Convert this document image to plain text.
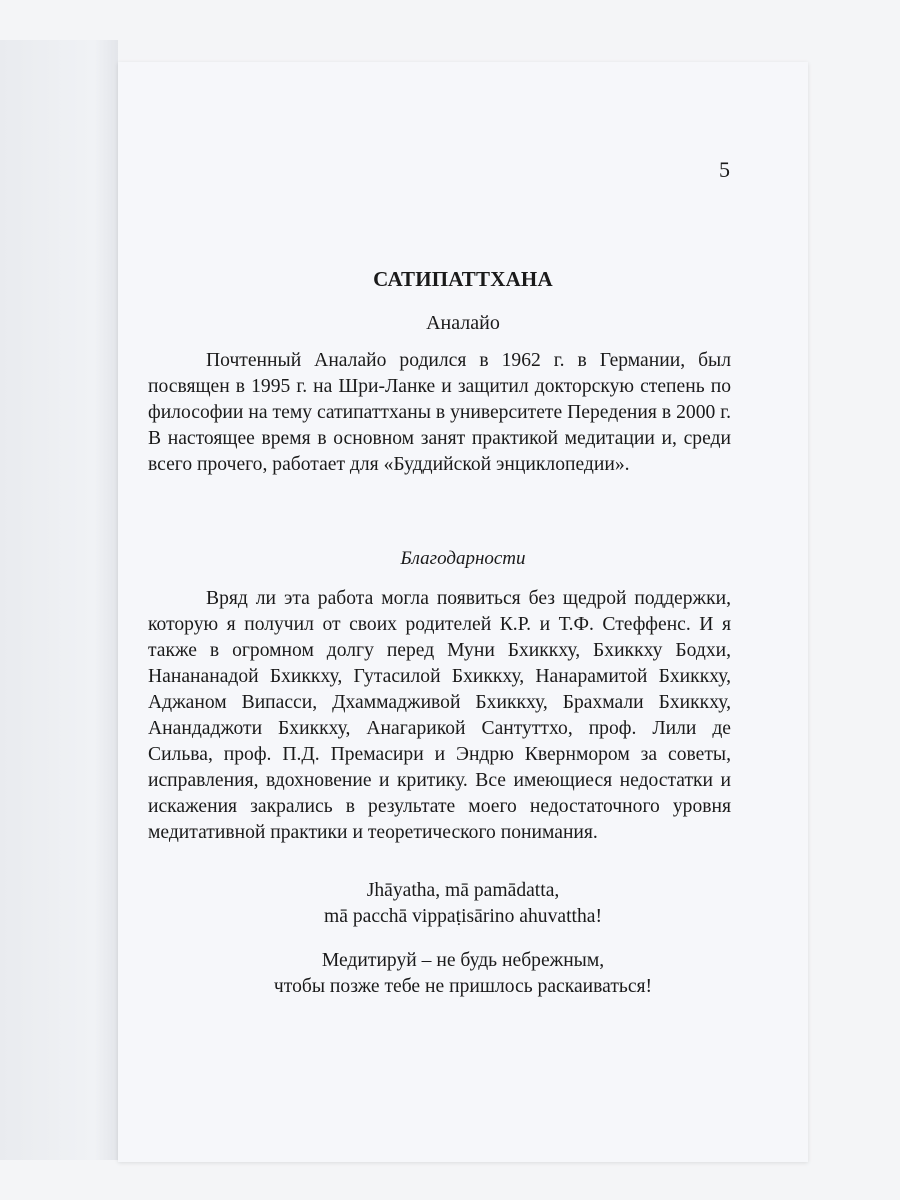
5
САТИПАТТХАНА
Аналайо

Почтенный Аналайо родился в 1962 г. в Германии, был посвящен в 1995 г. на Шри-Ланке и защитил докторскую степень по философии на тему сатипаттханы в университете Передения в 2000 г. В настоящее время в основном занят практикой медитации и, среди всего прочего, работает для «Буддийской энциклопедии».

Благодарности

Вряд ли эта работа могла появиться без щедрой поддержки, которую я получил от своих родителей К.Р. и Т.Ф. Стеффенс. И я также в огромном долгу перед Муни Бхиккху, Бхиккху Бодхи, Нанананадой Бхиккху, Гутасилой Бхиккху, Нанарамитой Бхиккху, Аджаном Випасси, Дхаммадживой Бхиккху, Брахмали Бхиккху, Анандаджоти Бхиккху, Анагарикой Сантуттхо, проф. Лили де Сильва, проф. П.Д. Премасири и Эндрю Квернмором за советы, исправления, вдохновение и критику. Все имеющиеся недостатки и искажения закрались в результате моего недостаточного уровня медитативной практики и теоретического понимания.

Jhāyatha, mā pamādatta,
mā pacchā vippaṭisārino ahuvattha!
Медитируй – не будь небрежным,
чтобы позже тебе не пришлось раскаиваться!
